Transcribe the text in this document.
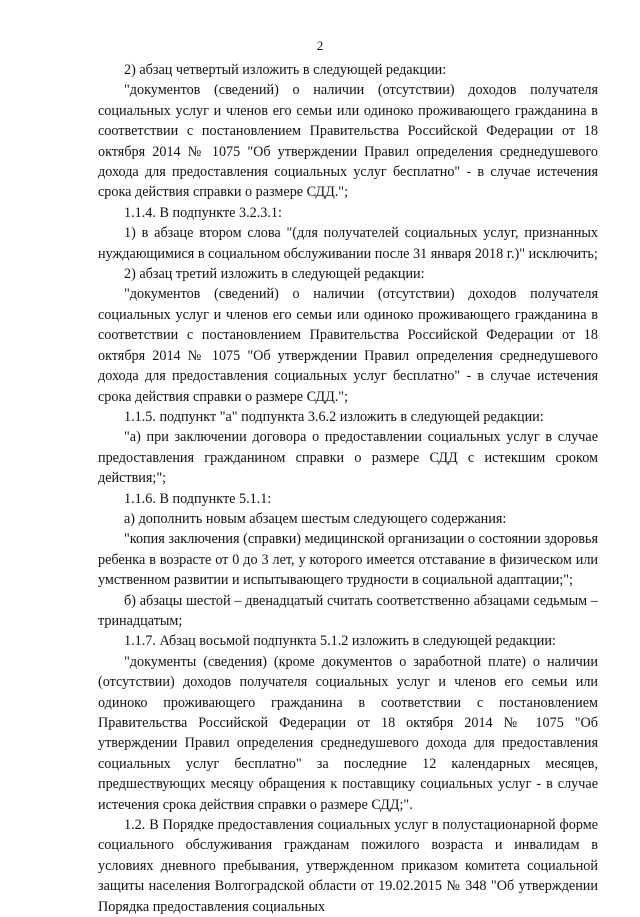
2

2) абзац четвертый изложить в следующей редакции:

"документов (сведений) о наличии (отсутствии) доходов получателя социальных услуг и членов его семьи или одиноко проживающего гражданина в соответствии с постановлением Правительства Российской Федерации от 18 октября 2014 № 1075 "Об утверждении Правил определения среднедушевого дохода для предоставления социальных услуг бесплатно" - в случае истечения срока действия справки о размере СДД.";

1.1.4. В подпункте 3.2.3.1:

1) в абзаце втором слова "(для получателей социальных услуг, признанных нуждающимися в социальном обслуживании после 31 января 2018 г.)" исключить;

2) абзац третий изложить в следующей редакции:

"документов (сведений) о наличии (отсутствии) доходов получателя социальных услуг и членов его семьи или одиноко проживающего гражданина в соответствии с постановлением Правительства Российской Федерации от 18 октября 2014 № 1075 "Об утверждении Правил определения среднедушевого дохода для предоставления социальных услуг бесплатно" - в случае истечения срока действия справки о размере СДД.";

1.1.5. подпункт "а" подпункта 3.6.2 изложить в следующей редакции:

"а) при заключении договора о предоставлении социальных услуг в случае предоставления гражданином справки о размере СДД с истекшим сроком действия;";

1.1.6. В подпункте 5.1.1:

а) дополнить новым абзацем шестым следующего содержания:

"копия заключения (справки) медицинской организации о состоянии здоровья ребенка в возрасте от 0 до 3 лет, у которого имеется отставание в физическом или умственном развитии и испытывающего трудности в социальной адаптации;";

б) абзацы шестой – двенадцатый считать соответственно абзацами седьмым – тринадцатым;

1.1.7. Абзац восьмой подпункта 5.1.2 изложить в следующей редакции:

"документы (сведения) (кроме документов о заработной плате) о наличии (отсутствии) доходов получателя социальных услуг и членов его семьи или одиноко проживающего гражданина в соответствии с постановлением Правительства Российской Федерации от 18 октября 2014 № 1075 "Об утверждении Правил определения среднедушевого дохода для предоставления социальных услуг бесплатно" за последние 12 календарных месяцев, предшествующих месяцу обращения к поставщику социальных услуг - в случае истечения срока действия справки о размере СДД;".

1.2. В Порядке предоставления социальных услуг в полустационарной форме социального обслуживания гражданам пожилого возраста и инвалидам в условиях дневного пребывания, утвержденном приказом комитета социальной защиты населения Волгоградской области от 19.02.2015 № 348 "Об утверждении Порядка предоставления социальных
